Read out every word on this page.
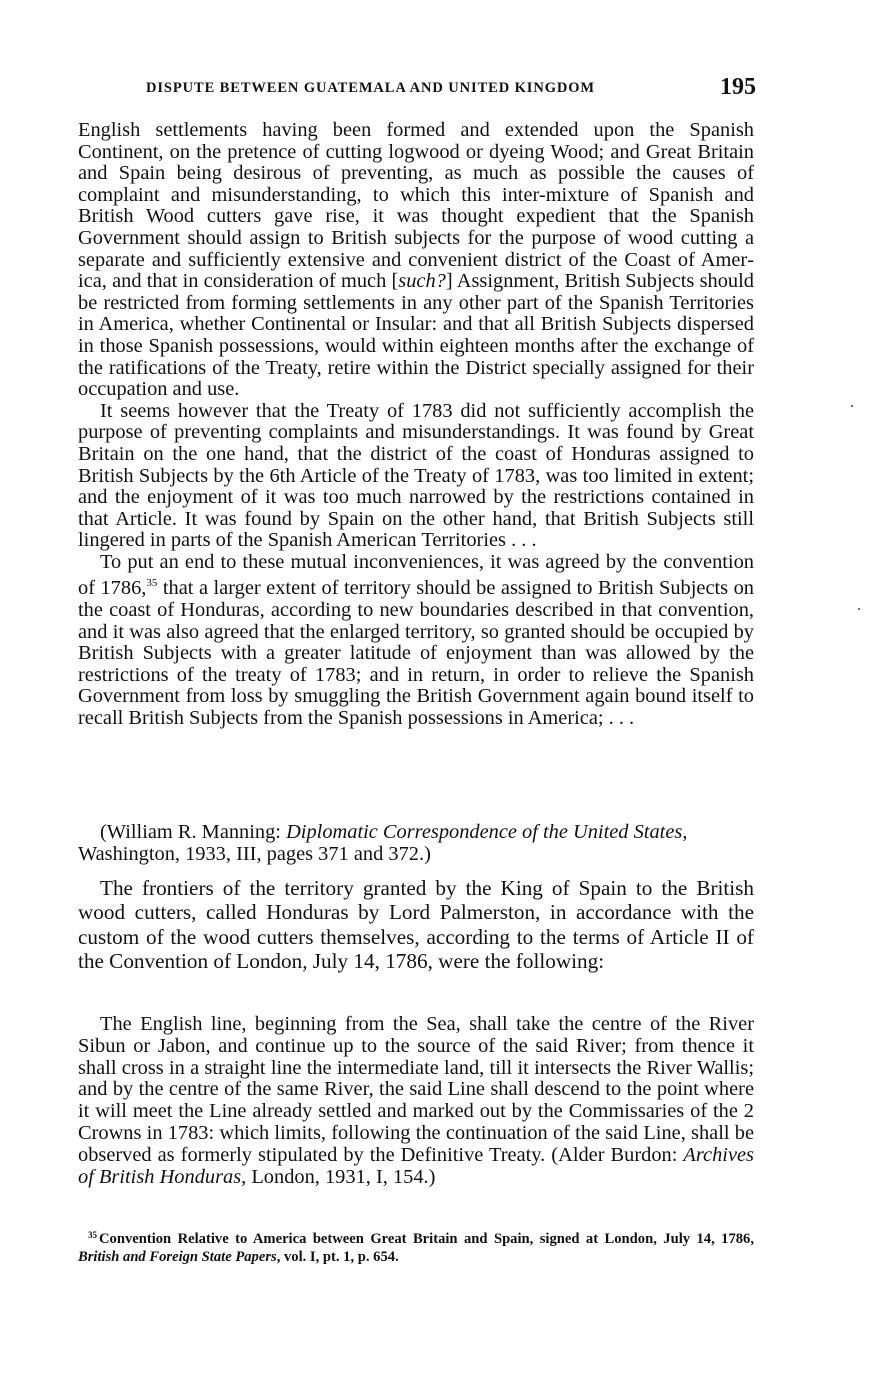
DISPUTE BETWEEN GUATEMALA AND UNITED KINGDOM	195

English settlements having been formed and extended upon the Spanish Continent, on the pretence of cutting logwood or dyeing Wood; and Great Britain and Spain being desirous of preventing, as much as possible the causes of complaint and misunderstanding, to which this inter-mixture of Spanish and British Wood cutters gave rise, it was thought expedient that the Spanish Government should assign to British subjects for the purpose of wood cutting a separate and sufficiently extensive and convenient district of the Coast of America, and that in consideration of much [such?] Assignment, British Subjects should be restricted from forming settlements in any other part of the Spanish Territories in America, whether Continental or Insular: and that all British Subjects dispersed in those Spanish possessions, would within eighteen months after the exchange of the ratifications of the Treaty, retire within the District specially assigned for their occupation and use.

It seems however that the Treaty of 1783 did not sufficiently accomplish the purpose of preventing complaints and misunderstandings. It was found by Great Britain on the one hand, that the district of the coast of Honduras assigned to British Subjects by the 6th Article of the Treaty of 1783, was too limited in extent; and the enjoyment of it was too much narrowed by the restrictions contained in that Article. It was found by Spain on the other hand, that British Subjects still lingered in parts of the Spanish American Territories . . .

To put an end to these mutual inconveniences, it was agreed by the convention of 1786,35 that a larger extent of territory should be assigned to British Subjects on the coast of Honduras, according to new boundaries described in that convention, and it was also agreed that the enlarged territory, so granted should be occupied by British Subjects with a greater latitude of enjoyment than was allowed by the restrictions of the treaty of 1783; and in return, in order to relieve the Spanish Government from loss by smuggling the British Government again bound itself to recall British Subjects from the Spanish possessions in America; . . .

(William R. Manning: Diplomatic Correspondence of the United States, Washington, 1933, III, pages 371 and 372.)
The frontiers of the territory granted by the King of Spain to the British wood cutters, called Honduras by Lord Palmerston, in accordance with the custom of the wood cutters themselves, according to the terms of Article II of the Convention of London, July 14, 1786, were the following:
The English line, beginning from the Sea, shall take the centre of the River Sibun or Jabon, and continue up to the source of the said River; from thence it shall cross in a straight line the intermediate land, till it intersects the River Wallis; and by the centre of the same River, the said Line shall descend to the point where it will meet the Line already settled and marked out by the Commissaries of the 2 Crowns in 1783: which limits, following the continuation of the said Line, shall be observed as formerly stipulated by the Definitive Treaty. (Alder Burdon: Archives of British Honduras, London, 1931, I, 154.)
$^{35}$ Convention Relative to America between Great Britain and Spain, signed at London, July 14, 1786, British and Foreign State Papers, vol. I, pt. 1, p. 654.
